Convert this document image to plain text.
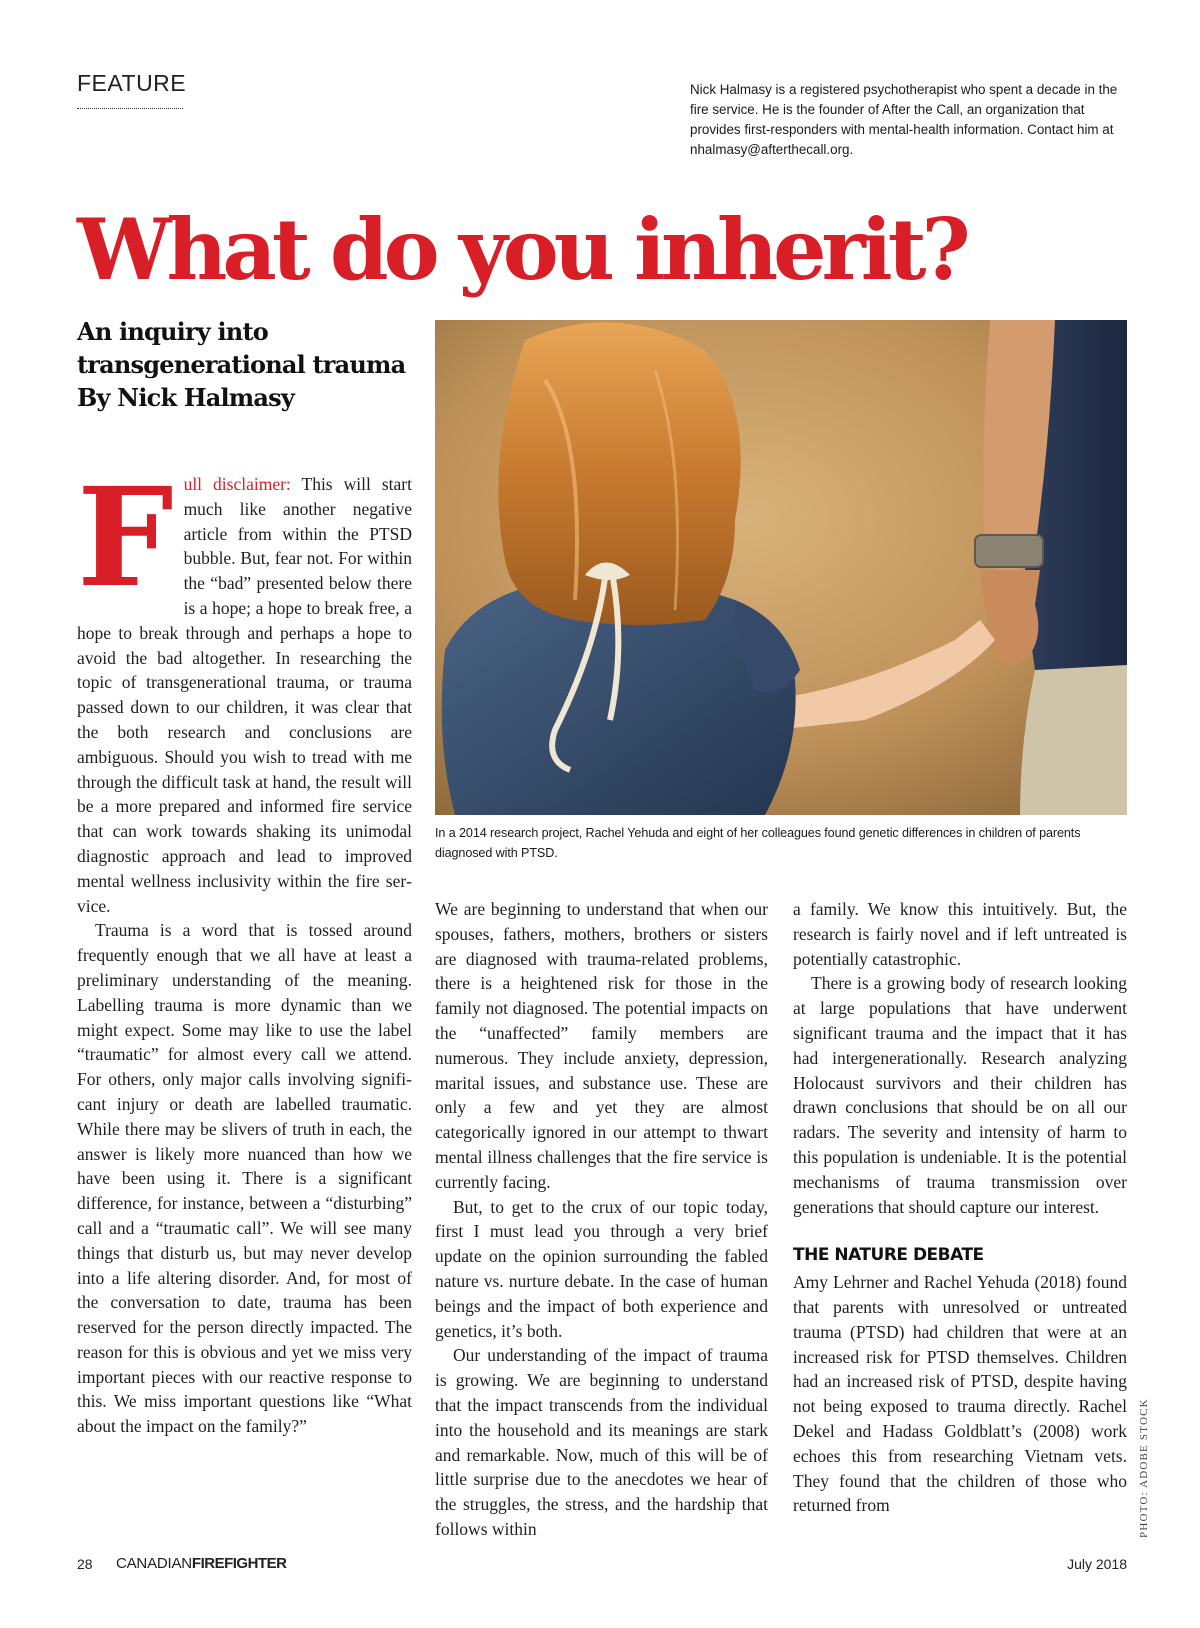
FEATURE	Nick Halmasy is a registered psychotherapist who spent a decade in the fire service. He is the founder of After the Call, an organization that provides first-responders with mental-health information. Contact him at nhalmasy@afterthecall.org.

What do you inherit?
An inquiry into transgenerational trauma
By Nick Halmasy

In a 2014 research project, Rachel Yehuda and eight of her colleagues found genetic differences in children of parents diagnosed with PTSD.

Full disclaimer: This will start much like another negative article from within the PTSD bubble. But, fear not. For within the “bad” presented below there is a hope; a hope to break free, a hope to break through and perhaps a hope to avoid the bad altogether. In researching the topic of transgenerational trauma, or trauma passed down to our children, it was clear that the both research and conclusions are ambiguous. Should you wish to tread with me through the difficult task at hand, the result will be a more prepared and informed fire service that can work towards shaking its unimodal diagnostic approach and lead to improved mental wellness inclusivity within the fire service.

Trauma is a word that is tossed around frequently enough that we all have at least a preliminary understanding of the meaning. Labelling trauma is more dynamic than we might expect. Some may like to use the label “traumatic” for almost every call we attend. For others, only major calls involving significant injury or death are labelled traumatic. While there may be slivers of truth in each, the answer is likely more nuanced than how we have been using it. There is a significant difference, for instance, between a “disturbing” call and a “traumatic call”. We will see many things that disturb us, but may never develop into a life altering disorder. And, for most of the conversation to date, trauma has been reserved for the person directly impacted. The reason for this is obvious and yet we miss very important pieces with our reactive response to this. We miss important questions like “What about the impact on the family?”

We are beginning to understand that when our spouses, fathers, mothers, brothers or sisters are diagnosed with trauma-related problems, there is a heightened risk for those in the family not diagnosed. The potential impacts on the “unaffected” family members are numerous. They include anxiety, depression, marital issues, and substance use. These are only a few and yet they are almost categorically ignored in our attempt to thwart mental illness challenges that the fire service is currently facing.

But, to get to the crux of our topic today, first I must lead you through a very brief update on the opinion surrounding the fabled nature vs. nurture debate. In the case of human beings and the impact of both experience and genetics, it’s both.

Our understanding of the impact of trauma is growing. We are beginning to understand that the impact transcends from the individual into the household and its meanings are stark and remarkable. Now, much of this will be of little surprise due to the anecdotes we hear of the struggles, the stress, and the hardship that follows within

a family. We know this intuitively. But, the research is fairly novel and if left untreated is potentially catastrophic.

There is a growing body of research looking at large populations that have underwent significant trauma and the impact that it has had intergenerationally. Research analyzing Holocaust survivors and their children has drawn conclusions that should be on all our radars. The severity and intensity of harm to this population is undeniable. It is the potential mechanisms of trauma transmission over generations that should capture our interest.

THE NATURE DEBATE

Amy Lehrner and Rachel Yehuda (2018) found that parents with unresolved or untreated trauma (PTSD) had children that were at an increased risk for PTSD themselves. Children had an increased risk of PTSD, despite having not being exposed to trauma directly. Rachel Dekel and Hadass Goldblatt’s (2008) work echoes this from researching Vietnam vets. They found that the children of those who returned from	PHOTO: ADOBE STOCK
28 CANADIANFIREFIGHTER	July 2018
